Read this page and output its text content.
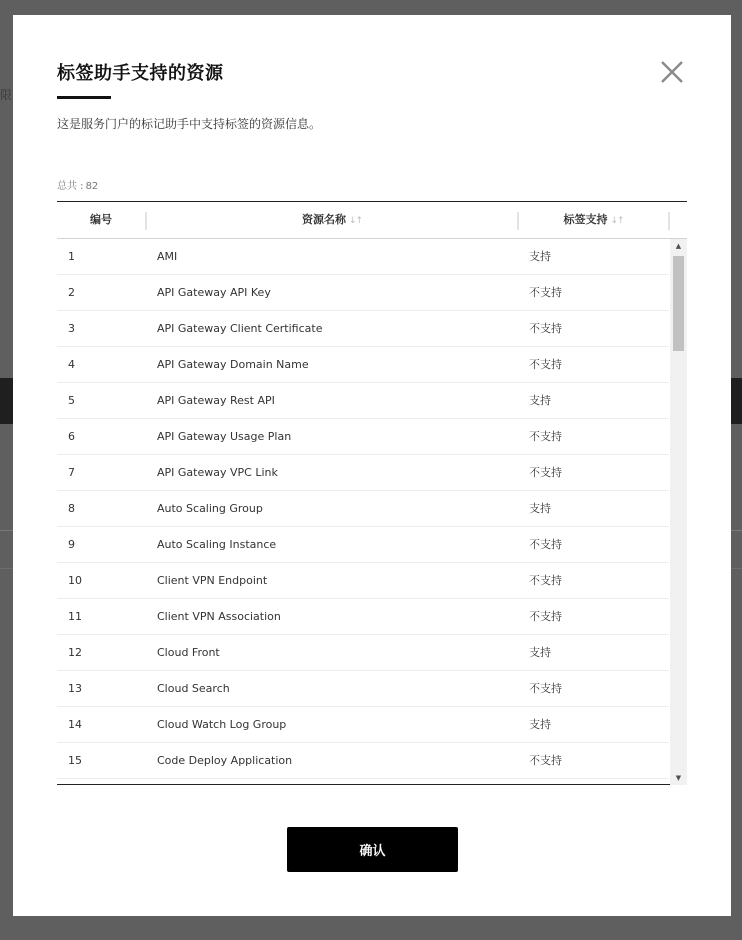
限
标签助手支持的资源

这是服务门户的标记助手中支持标签的资源信息。

总共 : 82
编号	资源名称 ↓↑	标签支持 ↓↑
1	AMI	支持
2	API Gateway API Key	不支持
3	API Gateway Client Certificate	不支持
4	API Gateway Domain Name	不支持
5	API Gateway Rest API	支持
6	API Gateway Usage Plan	不支持
7	API Gateway VPC Link	不支持
8	Auto Scaling Group	支持
9	Auto Scaling Instance	不支持
10	Client VPN Endpoint	不支持
11	Client VPN Association	不支持
12	Cloud Front	支持
13	Cloud Search	不支持
14	Cloud Watch Log Group	支持
15	Code Deploy Application	不支持
▲
▼
确认
